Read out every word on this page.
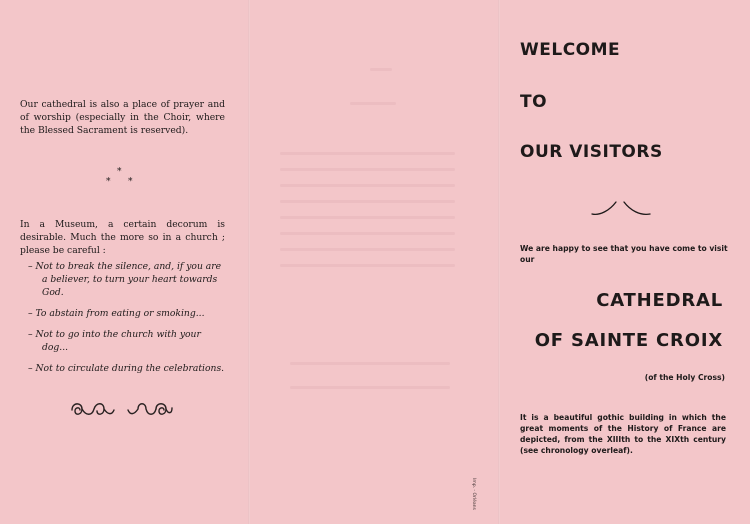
Our cathedral is also a place of prayer and of worship (especially in the Choir, where the Blessed Sacrament is reserved).
*
* *
In a Museum, a certain decorum is desirable. Much the more so in a church ; please be careful :
– Not to break the silence, and, if you are a believer, to turn your heart towards God.
– To abstain from eating or smoking...
– Not to go into the church with your dog...
– Not to circulate during the celebrations.
Imp. - Orléans
WELCOME
TO
OUR VISITORS
We are happy to see that you have come to visit our
CATHEDRAL
OF SAINTE CROIX
(of the Holy Cross)
It is a beautiful gothic building in which the great moments of the History of France are depicted, from the XIIIth to the XIXth century (see chronology overleaf).
